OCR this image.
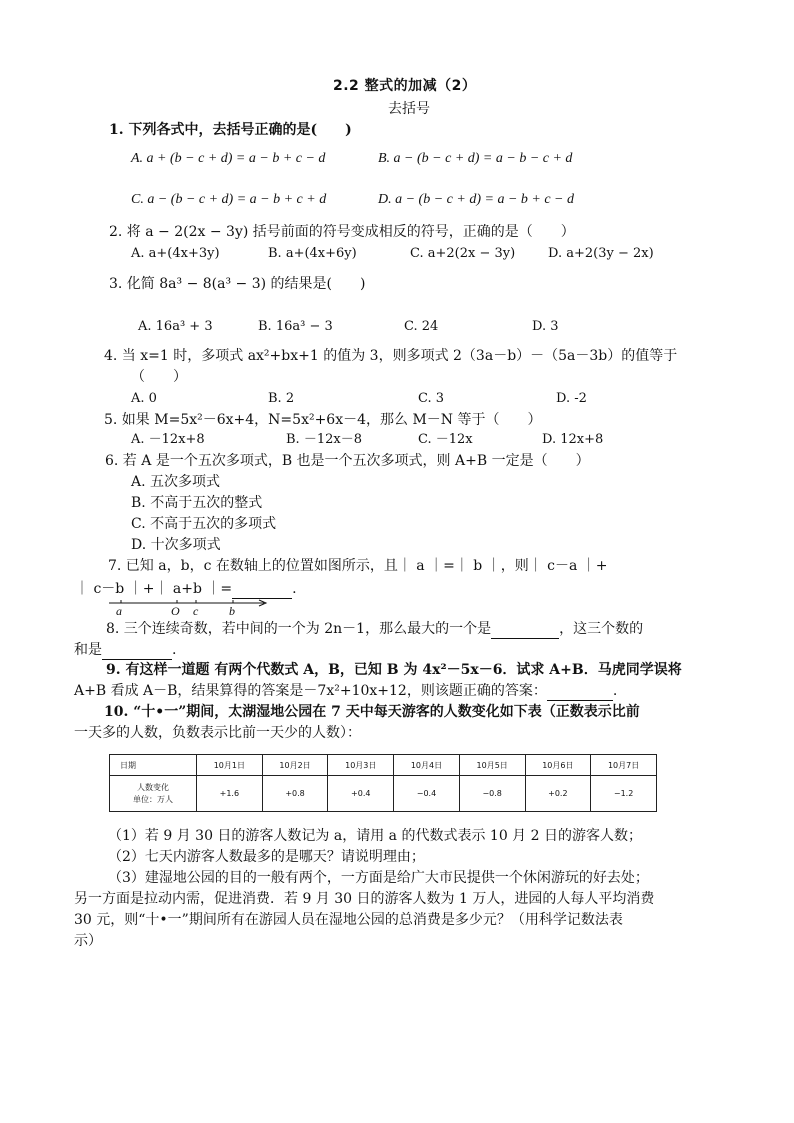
2.2 整式的加减（2）
去括号
1. 下列各式中，去括号正确的是(　　)
A. a + (b − c + d) = a − b + c − d	B. a − (b − c + d) = a − b − c + d
C. a − (b − c + d) = a − b + c + d	D. a − (b − c + d) = a − b + c − d
2. 将 a − 2(2x − 3y) 括号前面的符号变成相反的符号，正确的是（　　）
A. a+(4x+3y)	B. a+(4x+6y)	C. a+2(2x − 3y)	D. a+2(3y − 2x)
3. 化简 8a³ − 8(a³ − 3) 的结果是(　　)
A. 16a³ + 3	B. 16a³ − 3	C. 24	D. 3
4. 当 x=1 时，多项式 ax²+bx+1 的值为 3，则多项式 2（3a－b）－（5a－3b）的值等于
（　　）
A. 0	B. 2	C. 3	D. -2
5. 如果 M=5x²－6x+4，N=5x²+6x－4，那么 M－N 等于（　　）
A. －12x+8	B. －12x－8	C. －12x	D. 12x+8
6. 若 A 是一个五次多项式，B 也是一个五次多项式，则 A+B 一定是（　　）
A. 五次多项式
B. 不高于五次的整式
C. 不高于五次的多项式
D. 十次多项式
7. 已知 a，b，c 在数轴上的位置如图所示，且｜ a ｜=｜ b ｜，则｜ c－a ｜+
｜ c－b ｜+｜ a+b ｜=	.
a	O c	b
8. 三个连续奇数，若中间的一个为 2n－1，那么最大的一个是	，这三个数的
和是	.
9. 有这样一道题 有两个代数式 A，B，已知 B 为 4x²－5x－6．试求 A+B．马虎同学误将
A+B 看成 A－B，结果算得的答案是－7x²+10x+12，则该题正确的答案：	.
10. “十•一”期间，太湖湿地公园在 7 天中每天游客的人数变化如下表（正数表示比前
一天多的人数，负数表示比前一天少的人数）：
日期	10月1日	10月2日	10月3日	10月4日	10月5日	10月6日	10月7日

人数变化
单位：万人	+1.6	+0.8	+0.4	−0.4	−0.8	+0.2	−1.2
（1）若 9 月 30 日的游客人数记为 a，请用 a 的代数式表示 10 月 2 日的游客人数；
（2）七天内游客人数最多的是哪天？请说明理由；
（3）建湿地公园的目的一般有两个，一方面是给广大市民提供一个休闲游玩的好去处；
另一方面是拉动内需，促进消费．若 9 月 30 日的游客人数为 1 万人，进园的人每人平均消费
30 元，则“十•一”期间所有在游园人员在湿地公园的总消费是多少元？（用科学记数法表
示）
